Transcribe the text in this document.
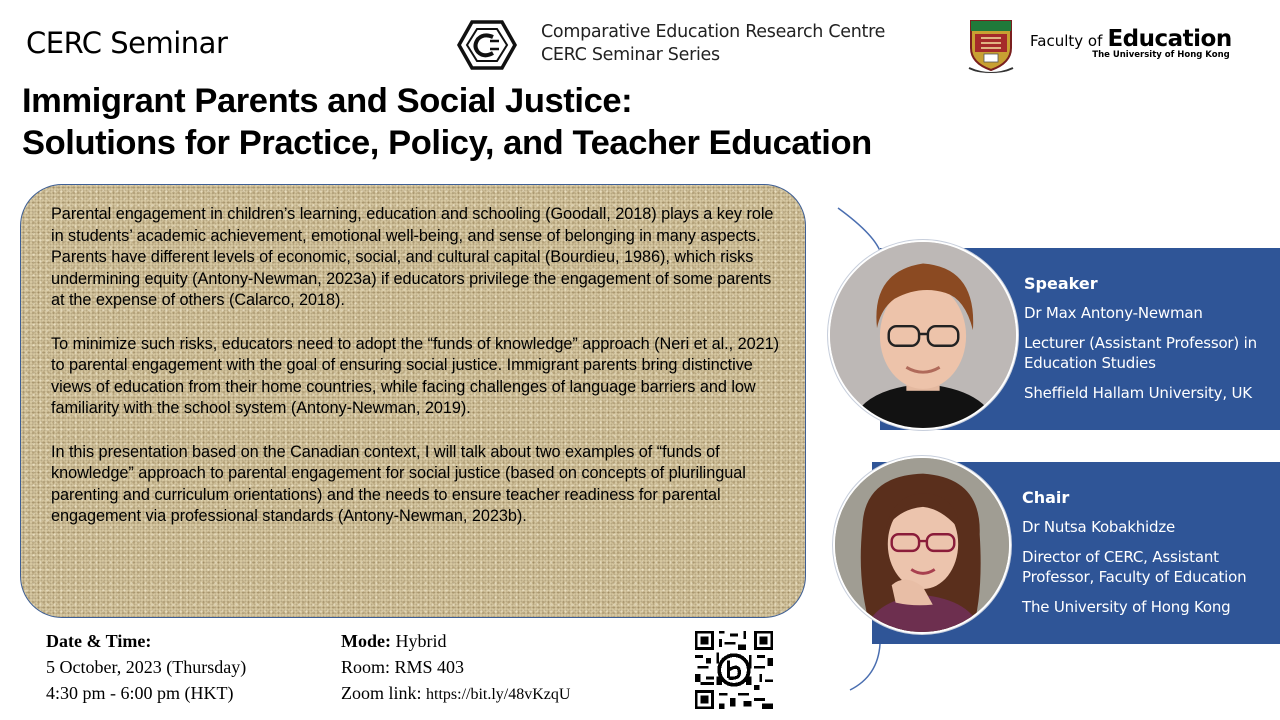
CERC Seminar	Comparative Education Research Centre
CERC Seminar Series
Faculty of Education
The University of Hong Kong
Immigrant Parents and Social Justice:
Solutions for Practice, Policy, and Teacher Education

Parental engagement in children’s learning, education and schooling (Goodall, 2018) plays a key role in students’ academic achievement, emotional well-being, and sense of belonging in many aspects. Parents have different levels of economic, social, and cultural capital (Bourdieu, 1986), which risks undermining equity (Antony-Newman, 2023a) if educators privilege the engagement of some parents at the expense of others (Calarco, 2018).

To minimize such risks, educators need to adopt the “funds of knowledge” approach (Neri et al., 2021) to parental engagement with the goal of ensuring social justice. Immigrant parents bring distinctive views of education from their home countries, while facing challenges of language barriers and low familiarity with the school system (Antony-Newman, 2019).

In this presentation based on the Canadian context, I will talk about two examples of “funds of knowledge” approach to parental engagement for social justice (based on concepts of plurilingual parenting and curriculum orientations) and the needs to ensure teacher readiness for parental engagement via professional standards (Antony-Newman, 2023b).

Date & Time:
5 October, 2023 (Thursday)
4:30 pm - 6:00 pm (HKT)
Mode: Hybrid
Room: RMS 403
Zoom link: https://bit.ly/48vKzqU
Speaker
Dr Max Antony-Newman
Lecturer (Assistant Professor) in Education Studies
Sheffield Hallam University, UK
Chair
Dr Nutsa Kobakhidze
Director of CERC, Assistant Professor, Faculty of Education
The University of Hong Kong
